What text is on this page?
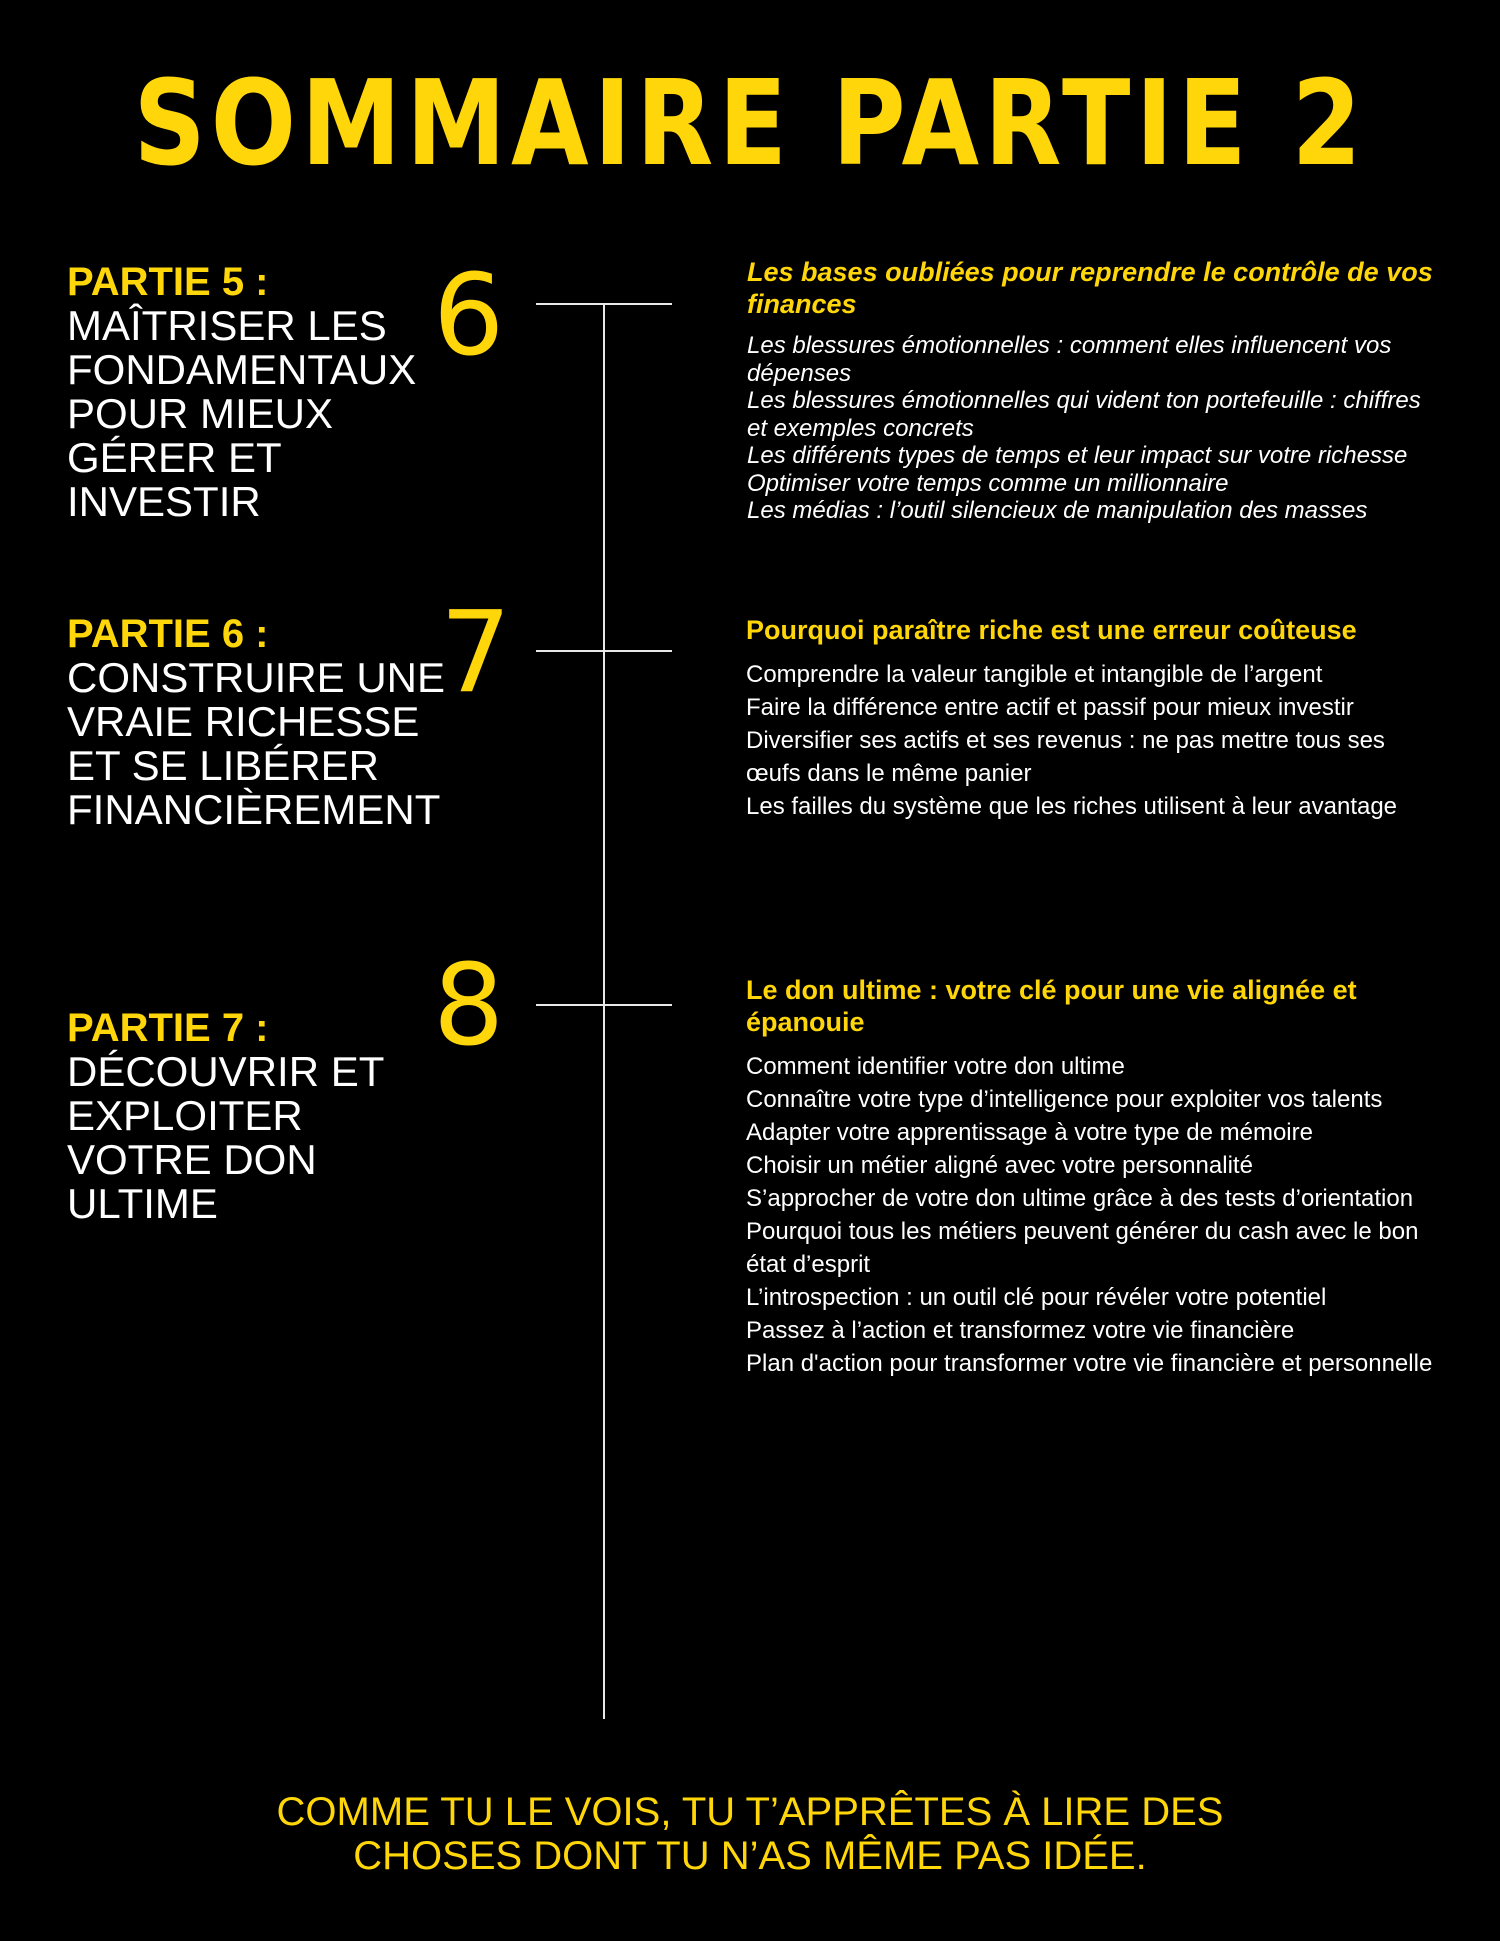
SOMMAIRE PARTIE 2
PARTIE 5 :
MAÎTRISER LES FONDAMENTAUX POUR MIEUX GÉRER ET INVESTIR
6	Les bases oubliées pour reprendre le contrôle de vos finances
Les blessures émotionnelles : comment elles influencent vos dépenses
Les blessures émotionnelles qui vident ton portefeuille : chiffres et exemples concrets
Les différents types de temps et leur impact sur votre richesse
Optimiser votre temps comme un millionnaire
Les médias : l’outil silencieux de manipulation des masses
PARTIE 6 :
CONSTRUIRE UNE VRAIE RICHESSE ET SE LIBÉRER FINANCIÈREMENT
7	Pourquoi paraître riche est une erreur coûteuse
Comprendre la valeur tangible et intangible de l’argent
Faire la différence entre actif et passif pour mieux investir
Diversifier ses actifs et ses revenus : ne pas mettre tous ses œufs dans le même panier
Les failles du système que les riches utilisent à leur avantage
PARTIE 7 :
DÉCOUVRIR ET EXPLOITER VOTRE DON ULTIME
8	Le don ultime : votre clé pour une vie alignée et épanouie
Comment identifier votre don ultime
Connaître votre type d’intelligence pour exploiter vos talents
Adapter votre apprentissage à votre type de mémoire
Choisir un métier aligné avec votre personnalité
S’approcher de votre don ultime grâce à des tests d’orientation
Pourquoi tous les métiers peuvent générer du cash avec le bon état d’esprit
L’introspection : un outil clé pour révéler votre potentiel
Passez à l’action et transformez votre vie financière
Plan d'action pour transformer votre vie financière et personnelle
COMME TU LE VOIS, TU T’APPRÊTES À LIRE DES
CHOSES DONT TU N’AS MÊME PAS IDÉE.
